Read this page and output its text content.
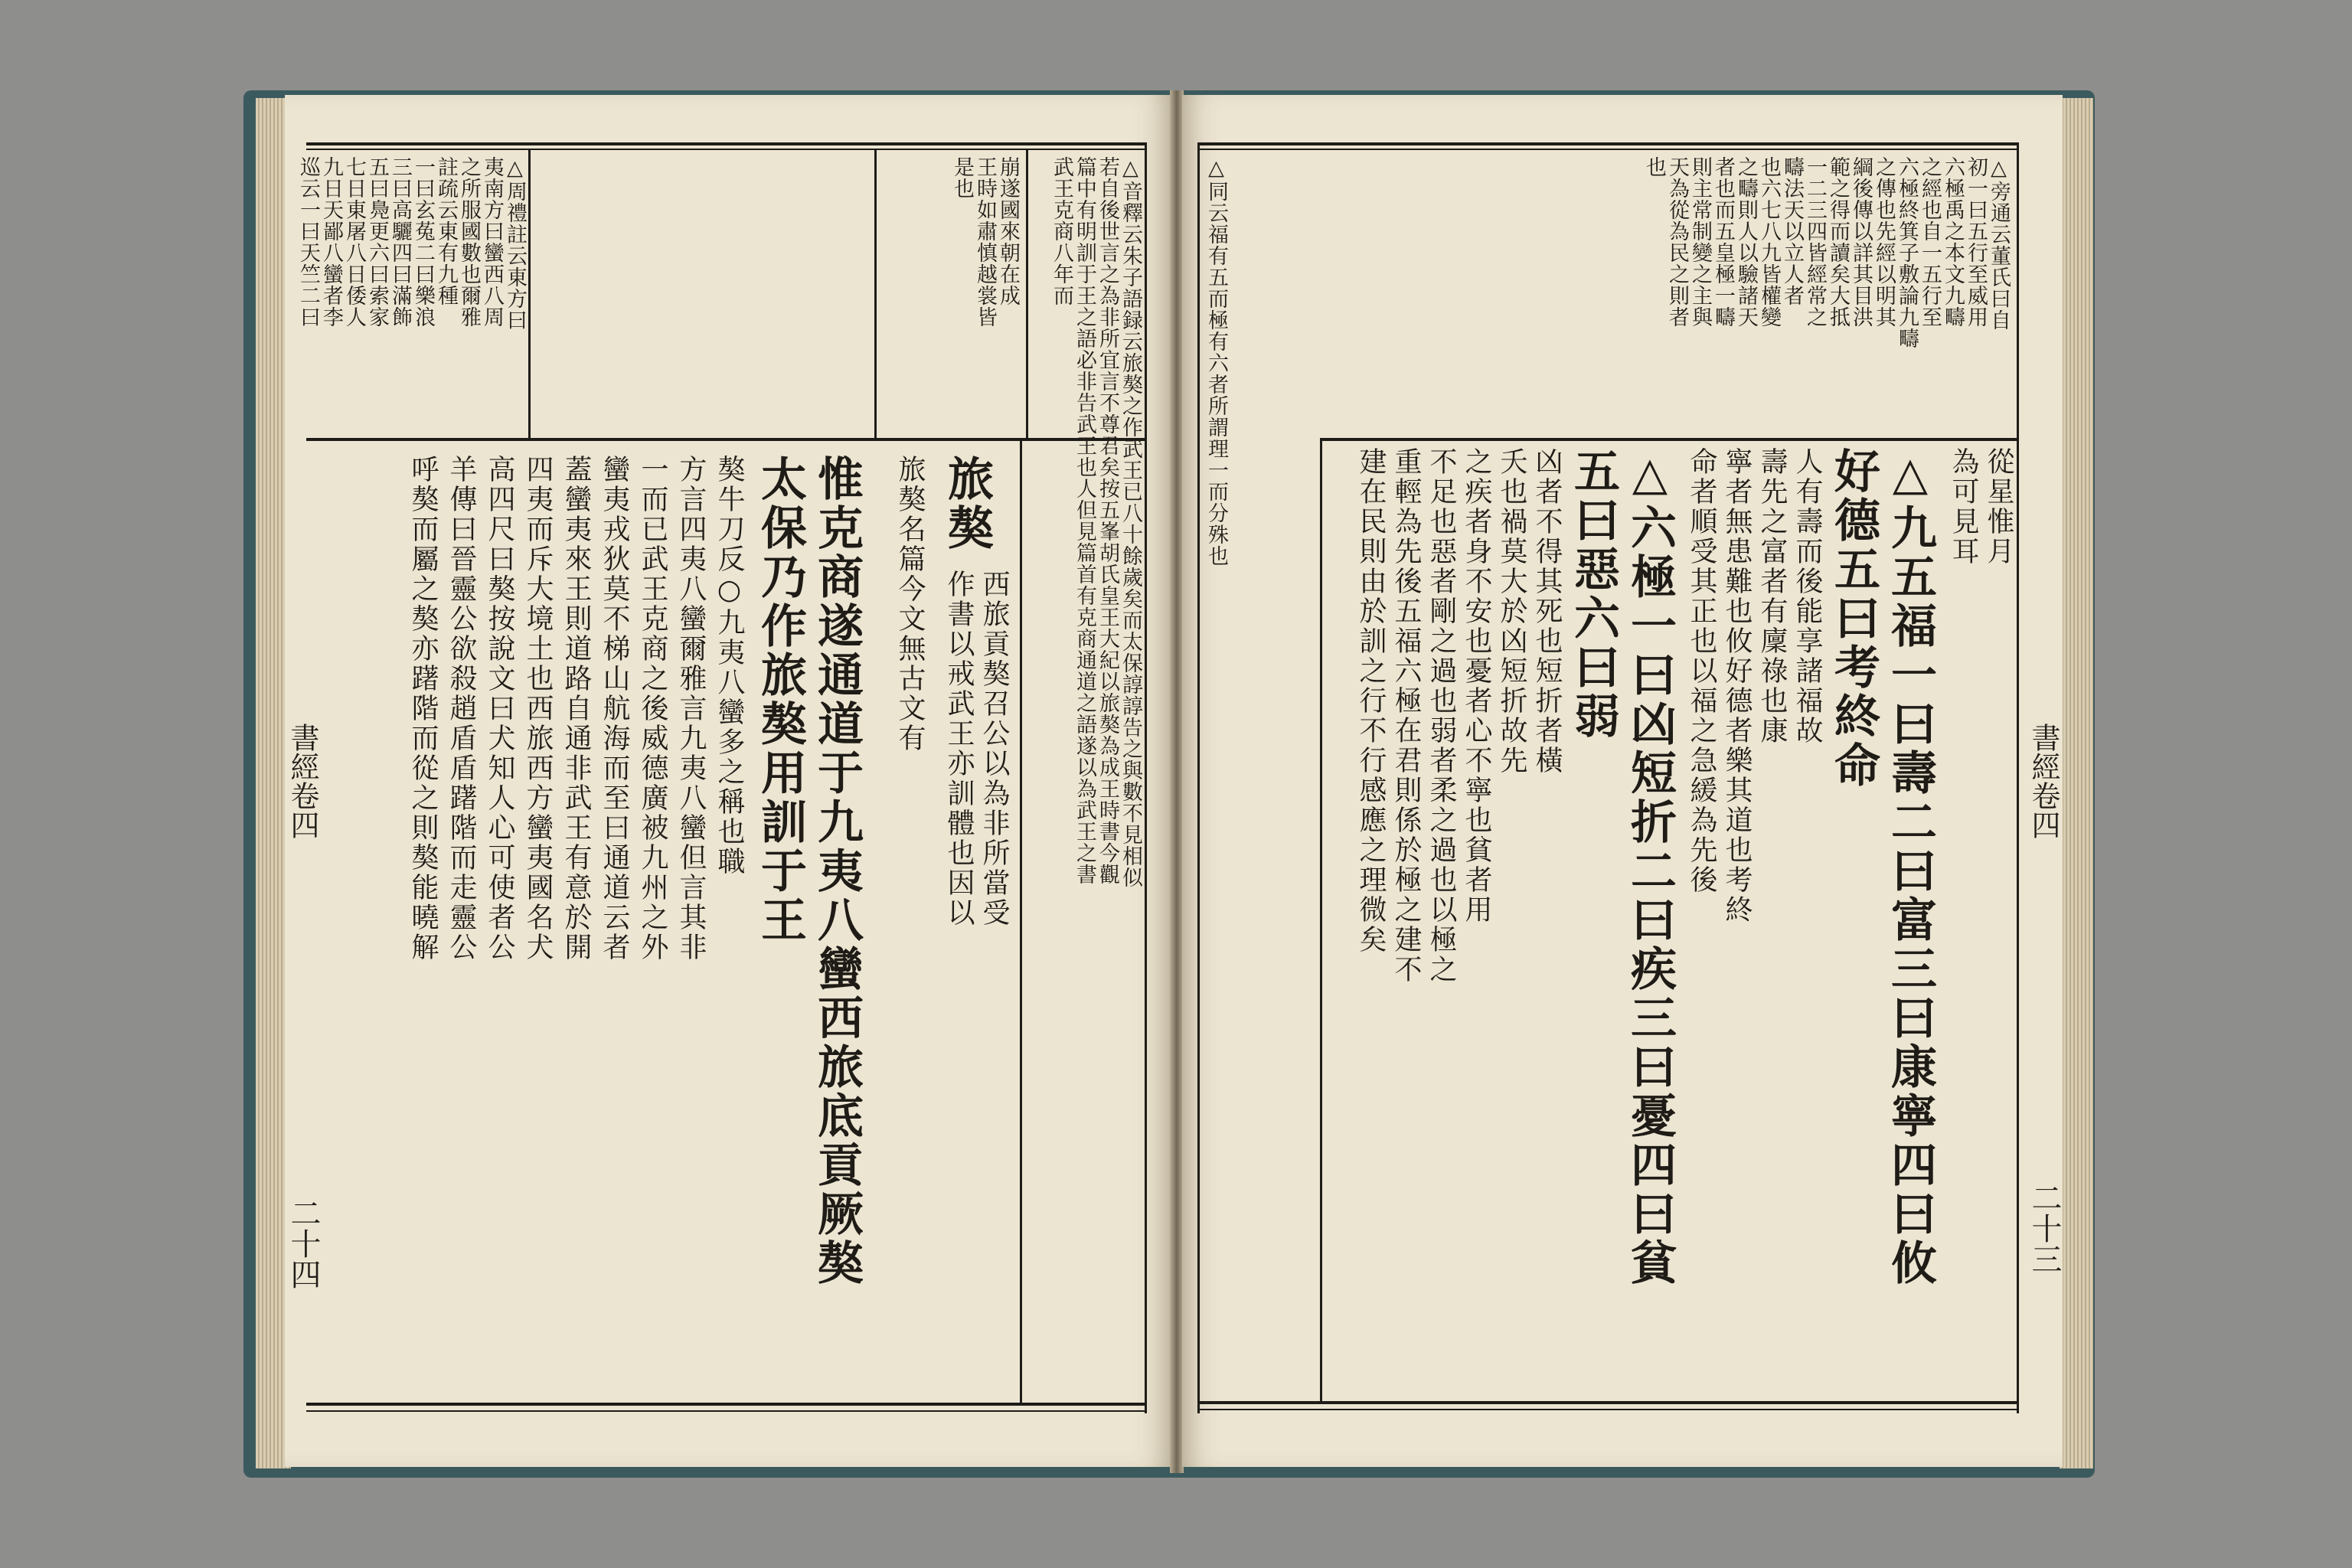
△周禮註云東方曰
夷南方曰蠻西八周
之所服國數也爾雅
註疏云東有九種
一曰玄菟二曰樂浪
三曰高驪四曰滿飾
五曰鳧更六曰索家
七日東屠八日倭人
九日天鄙八蠻者李
巡云一曰天竺二曰	△音釋云朱子語録云旅獒之作武王已八十餘歲矣而太保諄諄告之與數不見相似
若自後世言之為非所宜言不尊君矣按五峯胡氏皇王大紀以旅獒為成王時書今觀
篇中有明訓于王之語必非告武王也人但見篇首有克商通道之語遂以為武王之書
武王克商八年而
崩遂國來朝在成
王時如肅慎越裳皆
是也
旅獒
西旅貢獒召公以為非所當受
作書以戒武王亦訓體也因以
旅獒名篇今文無古文有
惟克商遂通道于九夷八蠻西旅底貢厥獒
太保乃作旅獒用訓于王
獒牛刀反○九夷八蠻多之稱也職
方言四夷八蠻爾雅言九夷八蠻但言其非
一而已武王克商之後威德廣被九州之外
蠻夷戎狄莫不梯山航海而至曰通道云者
蓋蠻夷來王則道路自通非武王有意於開
四夷而斥大境土也西旅西方蠻夷國名犬
高四尺曰獒按說文曰犬知人心可使者公
羊傳曰晉靈公欲殺趙盾盾躇階而走靈公
呼獒而屬之獒亦躇階而從之則獒能曉解
書經卷四
二十四
△旁通云董氏曰自
初一曰五行至威用
六極禹之本文九疇
之經也自一五行至
六極終箕子敷論九疇
之傳也先經以明其
綱後傳以詳其目洪
範之得而讀矣大抵
一二三四皆經常之
疇法天以立人者
也六七八九皆權變
之疇則人以驗諸天
者也而五皇極一疇
則主常制變之主與
天為從為民之則者
也
△同云福有五而極有六者所謂理一而分殊也	從星惟月
為可見耳
△九五福一曰壽二曰富三曰康寧四曰攸
好德五曰考終命
人有壽而後能享諸福故
壽先之富者有廩祿也康
寧者無患難也攸好德者樂其道也考終
命者順受其正也以福之急緩為先後
△六極一曰凶短折二曰疾三曰憂四曰貧
五曰惡六曰弱
凶者不得其死也短折者橫
夭也禍莫大於凶短折故先
之疾者身不安也憂者心不寧也貧者用
不足也惡者剛之過也弱者柔之過也以極之
重輕為先後五福六極在君則係於極之建不
建在民則由於訓之行不行感應之理微矣	書經卷四
二十三
